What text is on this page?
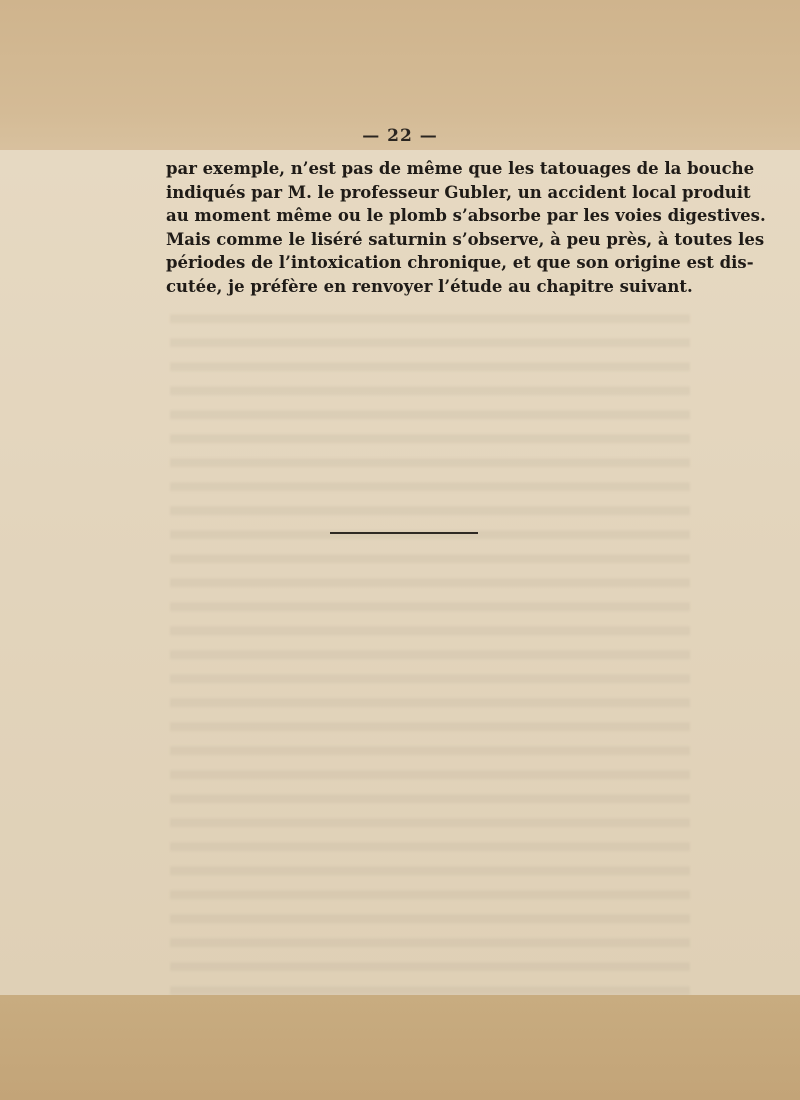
— 22 —
par exemple, n’est pas de même que les tatouages de la bouche
indiqués par M. le professeur Gubler, un accident local produit
au moment même ou le plomb s’absorbe par les voies digestives.
Mais comme le liséré saturnin s’observe, à peu près, à toutes les
périodes de l’intoxication chronique, et que son origine est dis-
cutée, je préfère en renvoyer l’étude au chapitre suivant.
